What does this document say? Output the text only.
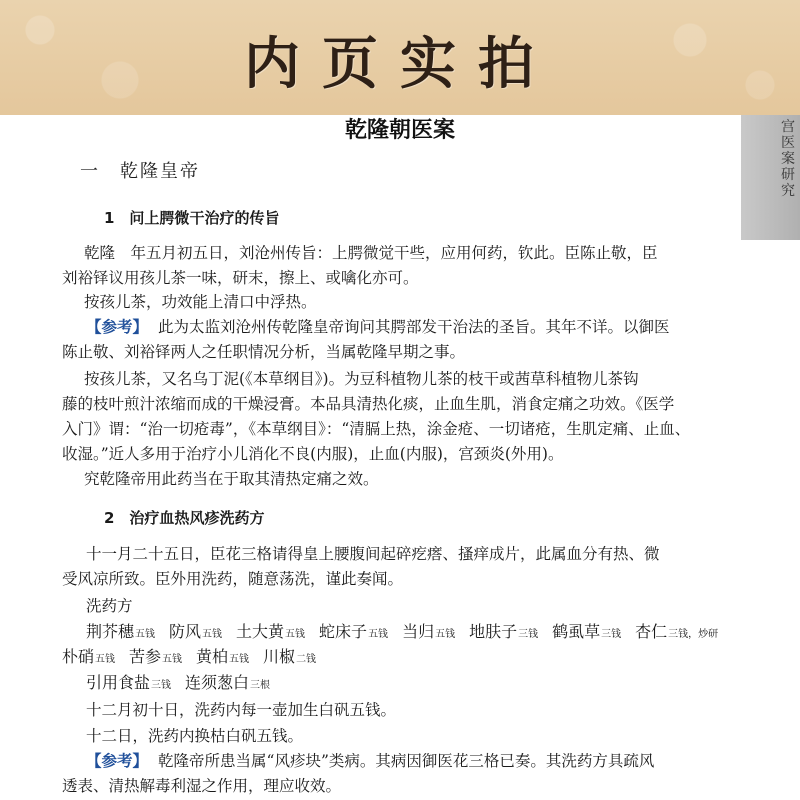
内页实拍
宫医案研究
乾隆朝医案
一　乾隆皇帝
1　问上腭微干治疗的传旨
乾隆　年五月初五日，刘沧州传旨：上腭微觉干些，应用何药，钦此。臣陈止敬，臣
刘裕铎议用孩儿茶一味，研末，擦上、或噙化亦可。
按孩儿茶，功效能上清口中浮热。
【参考】 此为太监刘沧州传乾隆皇帝询问其腭部发干治法的圣旨。其年不详。以御医
陈止敬、刘裕铎两人之任职情况分析，当属乾隆早期之事。
按孩儿茶，又名乌丁泥(《本草纲目》)。为豆科植物儿茶的枝干或茜草科植物儿茶钩
藤的枝叶煎汁浓缩而成的干燥浸膏。本品具清热化痰，止血生肌，消食定痛之功效。《医学
入门》谓：“治一切疮毒”，《本草纲目》：“清膈上热，涂金疮、一切诸疮，生肌定痛、止血、
收湿。”近人多用于治疗小儿消化不良(内服)，止血(内服)，宫颈炎(外用)。
究乾隆帝用此药当在于取其清热定痛之效。
2　治疗血热风疹洗药方
十一月二十五日，臣花三格请得皇上腰腹间起碎疙瘩、搔痒成片，此属血分有热、微
受风凉所致。臣外用洗药，随意荡洗，谨此奏闻。
洗药方
荆芥穗五钱 防风五钱 土大黄五钱 蛇床子五钱 当归五钱 地肤子三钱 鹤虱草三钱 杏仁三钱，炒研
朴硝五钱 苦参五钱 黄柏五钱 川椒二钱
引用食盐三钱 连须葱白三根
十二月初十日，洗药内每一壶加生白矾五钱。
十二日，洗药内换枯白矾五钱。
【参考】 乾隆帝所患当属“风疹块”类病。其病因御医花三格已奏。其洗药方具疏风
透表、清热解毒利湿之作用，理应收效。
